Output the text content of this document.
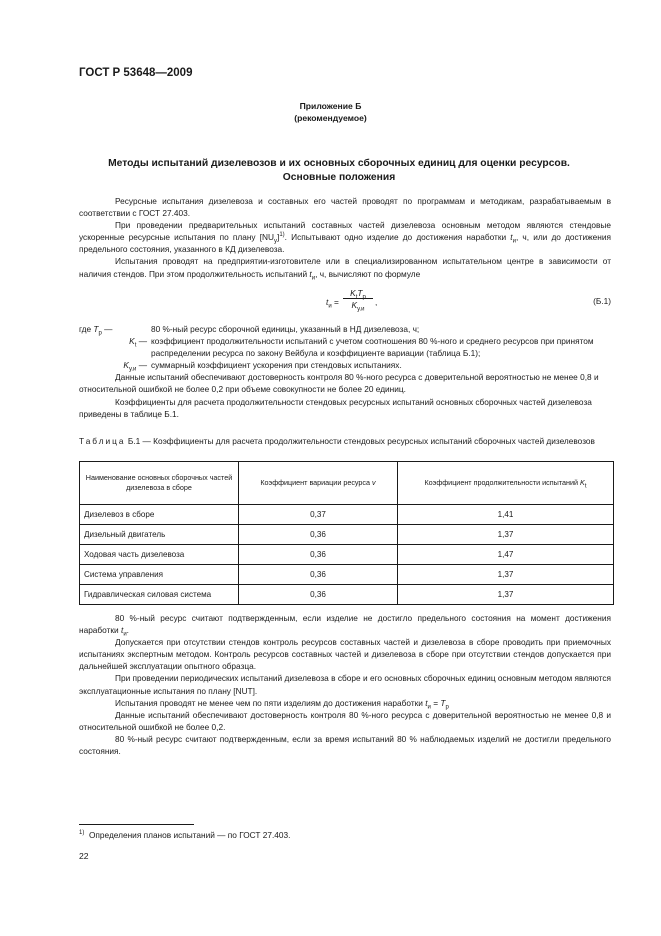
ГОСТ Р 53648—2009
Приложение Б
(рекомендуемое)
Методы испытаний дизелевозов и их основных сборочных единиц для оценки ресурсов.
Основные положения

Ресурсные испытания дизелевоза и составных его частей проводят по программам и методикам, разрабатываемым в соответствии с ГОСТ 27.403.

При проведении предварительных испытаний составных частей дизелевоза основным методом являются стендовые ускоренные ресурсные испытания по плану $[NU_у]^{1)}$. Испытывают одно изделие до достижения наработки $t_и$, ч, или до достижения предельного состояния, указанного в КД дизелевоза.

Испытания проводят на предприятии-изготовителе или в специализированном испытательном центре в зависимости от наличия стендов. При этом продолжительность испытаний $t_и$, ч, вычисляют по формуле

$t_и$ =
$K_tT_р$
$K_{у.и}$
,	(Б.1)
где $T_р$ —	80 %-ный ресурс сборочной единицы, указанный в НД дизелевоза, ч;
$K_t$ — коэффициент продолжительности испытаний с учетом соотношения 80 %-ного и среднего ресурсов при принятом распределении ресурса по закону Вейбула и коэффициенте вариации (таблица Б.1);
$K_{у.и}$ — суммарный коэффициент ускорения при стендовых испытаниях.

Данные испытаний обеспечивают достоверность контроля 80 %-ного ресурса с доверительной вероятностью не менее 0,8 и относительной ошибкой не более 0,2 при объеме совокупности не более 20 единиц.

Коэффициенты для расчета продолжительности стендовых ресурсных испытаний основных сборочных частей дизелевоза приведены в таблице Б.1.

Таблица Б.1 — Коэффициенты для расчета продолжительности стендовых ресурсных испытаний сборочных частей дизелевозов
Наименование основных сборочных частей дизелевоза в сборе	Коэффициент вариации ресурса v	Коэффициент продолжительности испытаний $K_t$
Дизелевоз в сборе	0,37	1,41
Дизельный двигатель	0,36	1,37
Ходовая часть дизелевоза	0,36	1,47
Система управления	0,36	1,37
Гидравлическая силовая система	0,36	1,37

80 %-ный ресурс считают подтвержденным, если изделие не достигло предельного состояния на момент достижения наработки $t_и$.

Допускается при отсутствии стендов контроль ресурсов составных частей и дизелевоза в сборе проводить при приемочных испытаниях экспертным методом. Контроль ресурсов составных частей и дизелевоза в сборе при отсутствии стендов допускается при дальнейшей эксплуатации опытного образца.

При проведении периодических испытаний дизелевоза в сборе и его основных сборочных единиц основным методом являются эксплуатационные испытания по плану [NUT].

Испытания проводят не менее чем по пяти изделиям до достижения наработки $t_и = T_р$

Данные испытаний обеспечивают достоверность контроля 80 %-ного ресурса с доверительной вероятностью не менее 0,8 и относительной ошибкой не более 0,2.

80 %-ный ресурс считают подтвержденным, если за время испытаний 80 % наблюдаемых изделий не достигли предельного состояния.

$^{1)}$ Определения планов испытаний — по ГОСТ 27.403.
22
